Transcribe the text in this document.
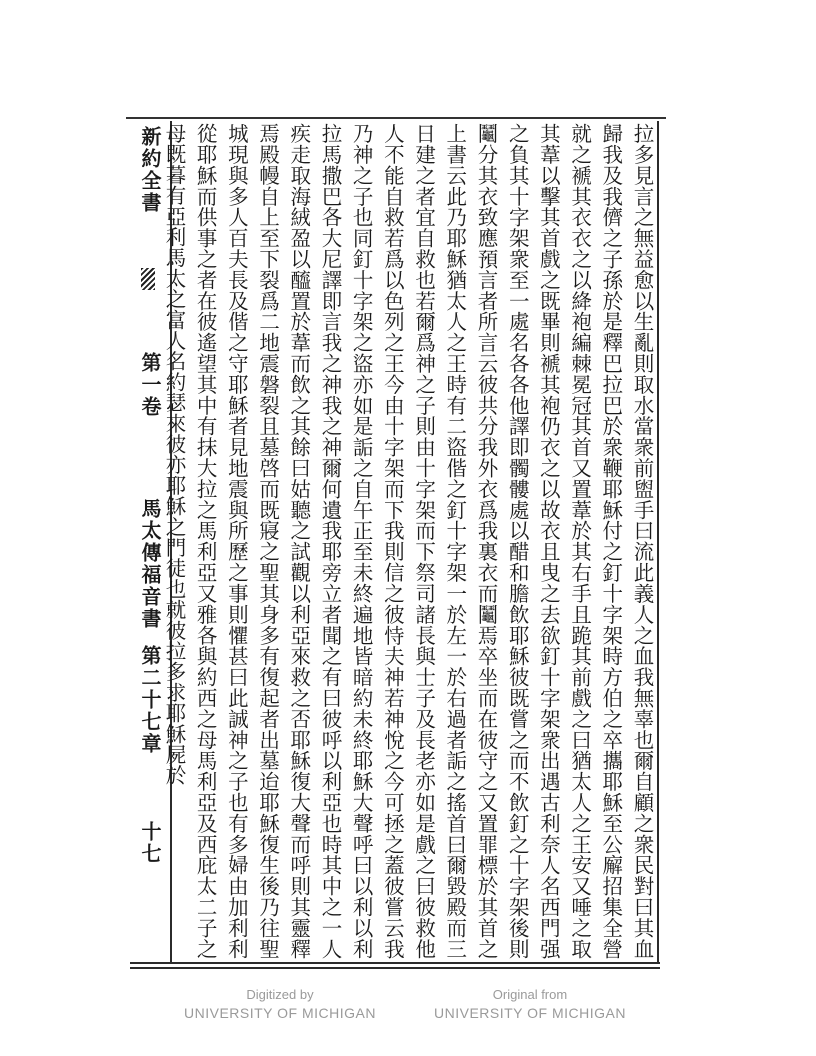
新約全書
第一卷
馬太傳福音書
第二十七章
十七	拉多見言之無益愈以生亂則取水當衆前盥手曰流此義人之血我無辜也爾自顧之衆民對曰其血歸我及我儕之子孫於是釋巴拉巴於衆鞭耶穌付之釘十字架時方伯之卒攜耶穌至公廨招集全營就之褫其衣衣之以絳袍編棘冕冠其首又置葦於其右手且跪其前戲之曰猶太人之王安又唾之取其葦以擊其首戲之既畢則褫其袍仍衣之以故衣且曳之去欲釘十字架衆出遇古利奈人名西門强之負其十字架衆至一處名各各他譯即髑髏處以醋和膽飲耶穌彼既嘗之而不飲釘之十字架後則鬮分其衣致應預言者所言云彼共分我外衣爲我裏衣而鬮焉卒坐而在彼守之又置罪標於其首之上書云此乃耶穌猶太人之王時有二盜偕之釘十字架一於左一於右過者詬之搖首曰爾毀殿而三日建之者宜自救也若爾爲神之子則由十字架而下祭司諸長與士子及長老亦如是戲之曰彼救他人不能自救若爲以色列之王今由十字架而下我則信之彼恃夫神若神悅之今可拯之蓋彼嘗云我乃神之子也同釘十字架之盜亦如是詬之自午正至未終遍地皆暗約未終耶穌大聲呼曰以利以利拉馬撒巴各大尼譯即言我之神我之神爾何遺我耶旁立者聞之有曰彼呼以利亞也時其中之一人疾走取海絨盈以醯置於葦而飲之其餘曰姑聽之試觀以利亞來救之否耶穌復大聲而呼則其靈釋焉殿幔自上至下裂爲二地震磐裂且墓啓而既寢之聖其身多有復起者出墓迨耶穌復生後乃往聖城現與多人百夫長及偕之守耶穌者見地震與所歷之事則懼甚曰此誠神之子也有多婦由加利利從耶穌而供事之者在彼遙望其中有抹大拉之馬利亞又雅各與約西之母馬利亞及西庇太二子之母既暮有亞利馬太之富人名約瑟來彼亦耶穌之門徒也就彼拉多求耶穌屍於
Digitized by
UNIVERSITY OF MICHIGAN
Original from
UNIVERSITY OF MICHIGAN
